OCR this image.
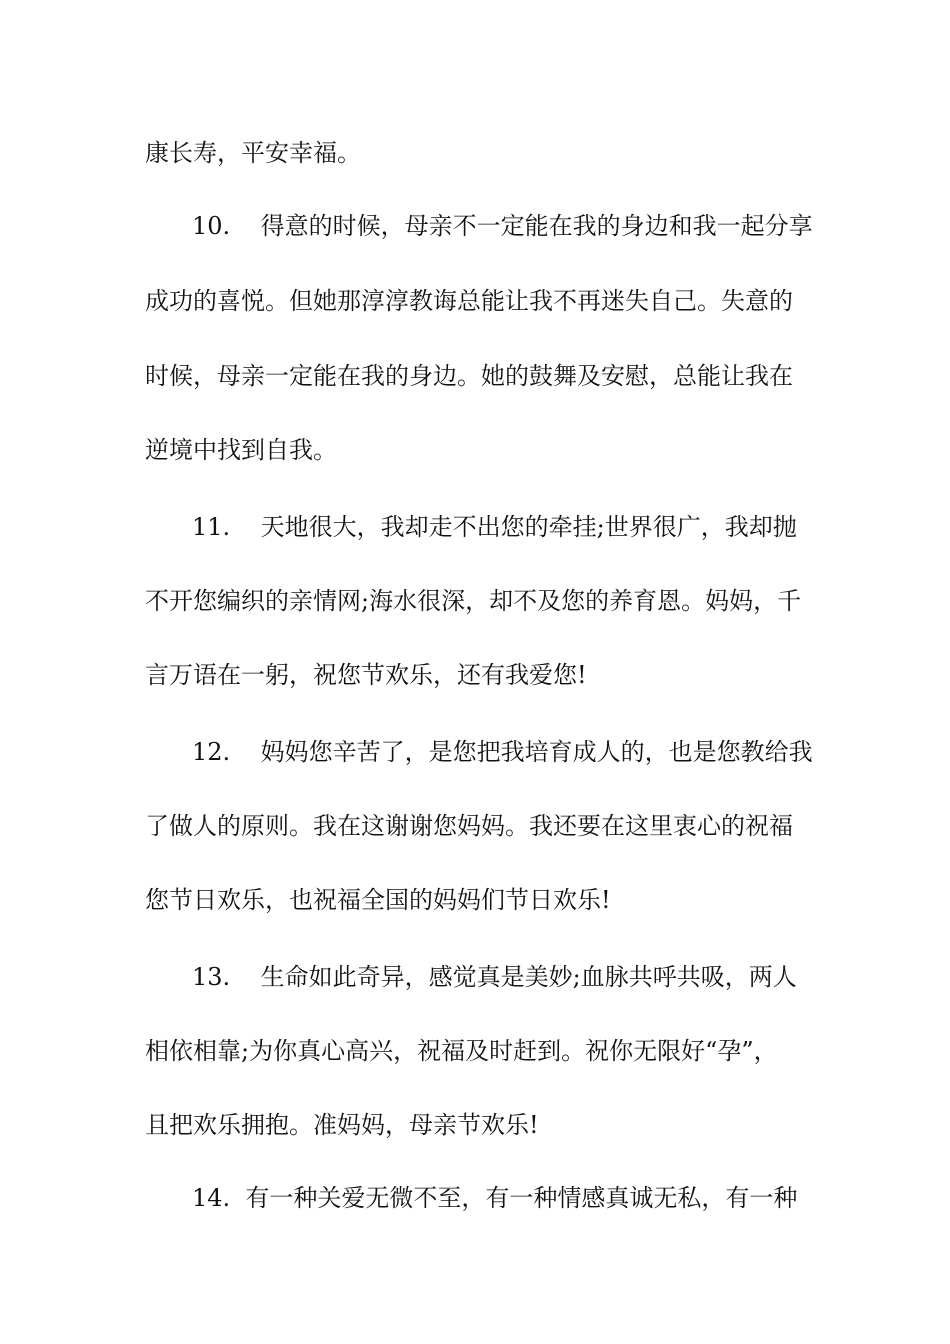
康长寿，平安幸福。
10.    得意的时候，母亲不一定能在我的身边和我一起分享
成功的喜悦。但她那淳淳教诲总能让我不再迷失自己。失意的
时候，母亲一定能在我的身边。她的鼓舞及安慰，总能让我在
逆境中找到自我。
11.    天地很大，我却走不出您的牵挂;世界很广，我却抛
不开您编织的亲情网;海水很深，却不及您的养育恩。妈妈，千
言万语在一躬，祝您节欢乐，还有我爱您!
12.    妈妈您辛苦了，是您把我培育成人的，也是您教给我
了做人的原则。我在这谢谢您妈妈。我还要在这里衷心的祝福
您节日欢乐，也祝福全国的妈妈们节日欢乐!
13.    生命如此奇异，感觉真是美妙;血脉共呼共吸，两人
相依相靠;为你真心高兴，祝福及时赶到。祝你无限好“孕”，
且把欢乐拥抱。准妈妈，母亲节欢乐!
14.  有一种关爱无微不至，有一种情感真诚无私，有一种
